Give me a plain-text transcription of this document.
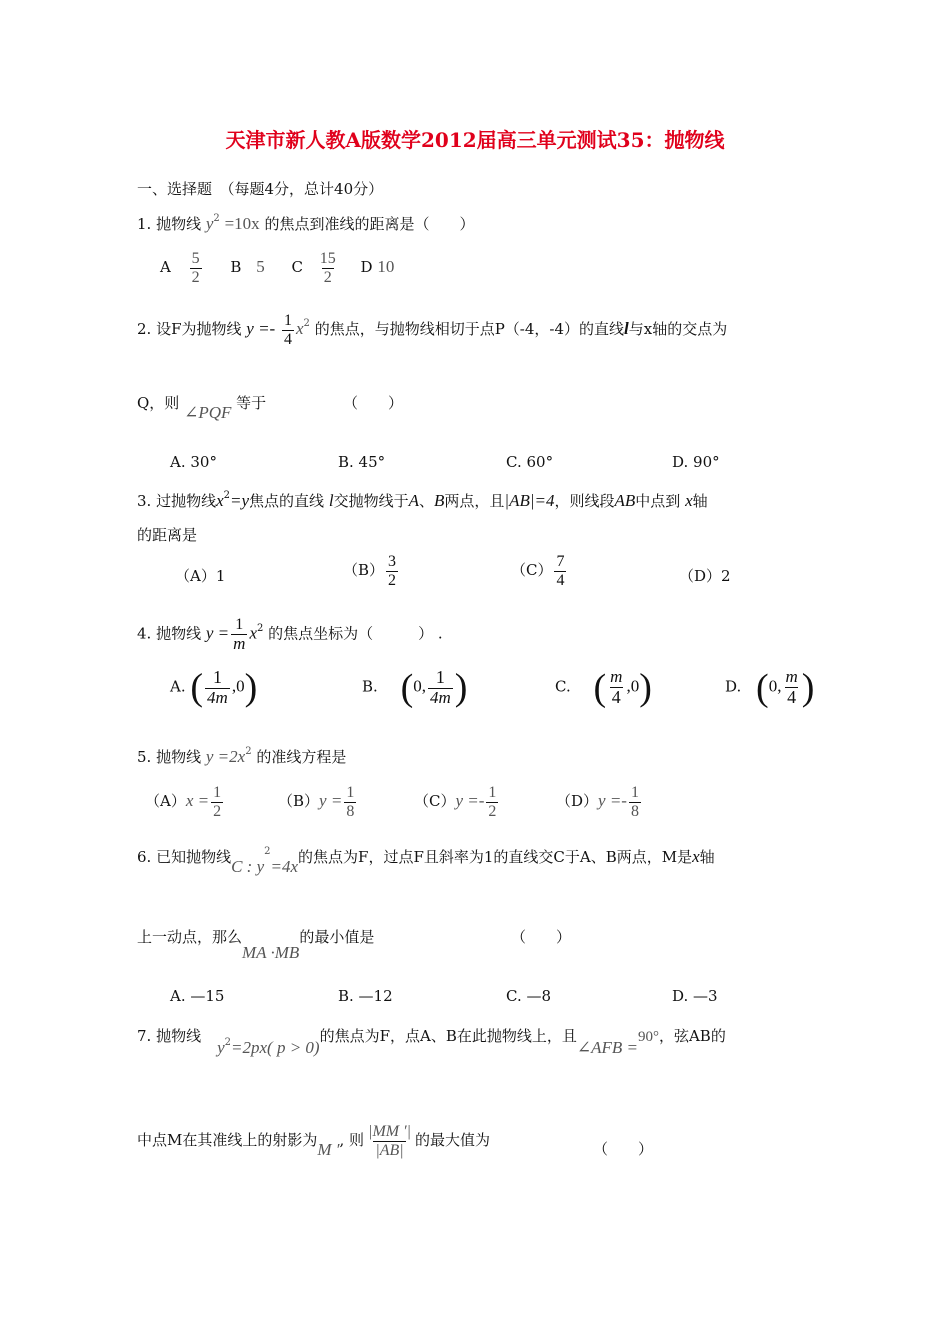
天津市新人教A版数学2012届高三单元测试35：抛物线
一、选择题　（每题4分，总计40分）
1. 抛物线 $y^2 =10x$ 的焦点到准线的距离是（　　）
A $\frac{5}{2}$ B 5 C $\frac{15}{2}$ D 10
2. 设F为抛物线 $y =- \frac{1}{4} x^2$ 的焦点，与抛物线相切于点P（-4，-4）的直线l与x轴的交点为
Q，则 ∠PQF 等于	（　　）
A. 30°	B. 45°	C. 60°	D. 90°
3. 过抛物线$x^2=y$焦点的直线 l交抛物线于A、B两点，且|AB|=4，则线段AB中点到 x轴
的距离是
（A）1	$(B) \frac{3}{2}$	$(C) \frac{7}{4}$	（D）2
4. 抛物线 $y = \frac{1}{m} x^2$ 的焦点坐标为（　　　） .
A. ( $\frac{1}{4m} ,0$)	B. (0, $\frac{1}{4m}$ )	C. ( $\frac{m}{4} ,0$)	D. (0, $\frac{m}{4}$ )
5. 抛物线 $y =2x^2$ 的准线方程是
$(A)x = \frac{1}{2}$	$(B)y = \frac{1}{8}$	$(C)y =- \frac{1}{2}$	$(D)y =- \frac{1}{8}$
6. 已知抛物线C : $y^2=4x$的焦点为F，过点F且斜率为1的直线交C于A、B两点，M是x轴
上一动点，那么MA ·MB的最小值是	（　　）
A. —15	B. —12	C. —8	D. —3
7. 抛物线$y_2=2px$( p > 0)的焦点为F，点A、B在此抛物线上，且∠AFB =90°，弦AB的
中点M在其准线上的射影为M ′, 则 $\frac{|MM '|}{|AB|}$ 的最大值为	（　　）
